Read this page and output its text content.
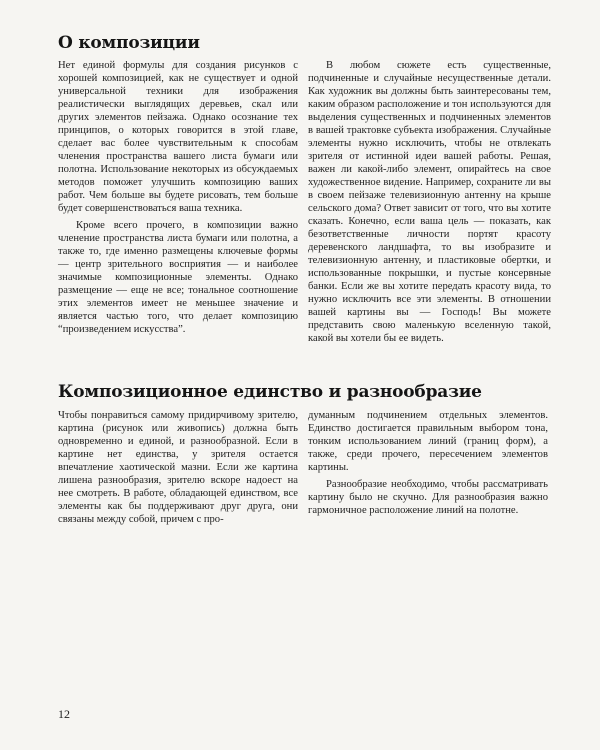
О композиции

Нет единой формулы для создания рисунков с хорошей композицией, как не существует и одной универсальной техники для изображения реалистически выглядящих деревьев, скал или других элементов пейзажа. Однако осознание тех принципов, о которых говорится в этой главе, сделает вас более чувствительным к способам членения пространства вашего листа бумаги или полотна. Использование некоторых из обсуждаемых методов поможет улучшить композицию ваших работ. Чем больше вы будете рисовать, тем больше будет совершенствоваться ваша техника.

Кроме всего прочего, в композиции важно членение пространства листа бумаги или полотна, а также то, где именно размещены ключевые формы — центр зрительного восприятия — и наиболее значимые композиционные элементы. Однако размещение — еще не все; тональное соотношение этих элементов имеет не меньшее значение и является частью того, что делает композицию “произведением искусства”.

В любом сюжете есть существенные, подчиненные и случайные несущественные детали. Как художник вы должны быть заинтересованы тем, каким образом расположение и тон используются для выделения существенных и подчиненных элементов в вашей трактовке субъекта изображения. Случайные элементы нужно исключить, чтобы не отвлекать зрителя от истинной идеи вашей работы. Решая, важен ли какой-либо элемент, опирайтесь на свое художественное видение. Например, сохраните ли вы в своем пейзаже телевизионную антенну на крыше сельского дома? Ответ зависит от того, что вы хотите сказать. Конечно, если ваша цель — показать, как безответственные личности портят красоту деревенского ландшафта, то вы изобразите и телевизионную антенну, и пластиковые обертки, и использованные покрышки, и пустые консервные банки. Если же вы хотите передать красоту вида, то нужно исключить все эти элементы. В отношении вашей картины вы — Господь! Вы можете представить свою маленькую вселенную такой, какой вы хотели бы ее видеть.

Композиционное единство и разнообразие

Чтобы понравиться самому придирчивому зрителю, картина (рисунок или живопись) должна быть одновременно и единой, и разнообразной. Если в картине нет единства, у зрителя остается впечатление хаотической мазни. Если же картина лишена разнообразия, зрителю вскоре надоест на нее смотреть. В работе, обладающей единством, все элементы как бы поддерживают друг друга, они связаны между собой, причем с про-

думанным подчинением отдельных элементов. Единство достигается правильным выбором тона, тонким использованием линий (границ форм), а также, среди прочего, пересечением элементов картины.

Разнообразие необходимо, чтобы рассматривать картину было не скучно. Для разнообразия важно гармоничное расположение линий на полотне.

12
